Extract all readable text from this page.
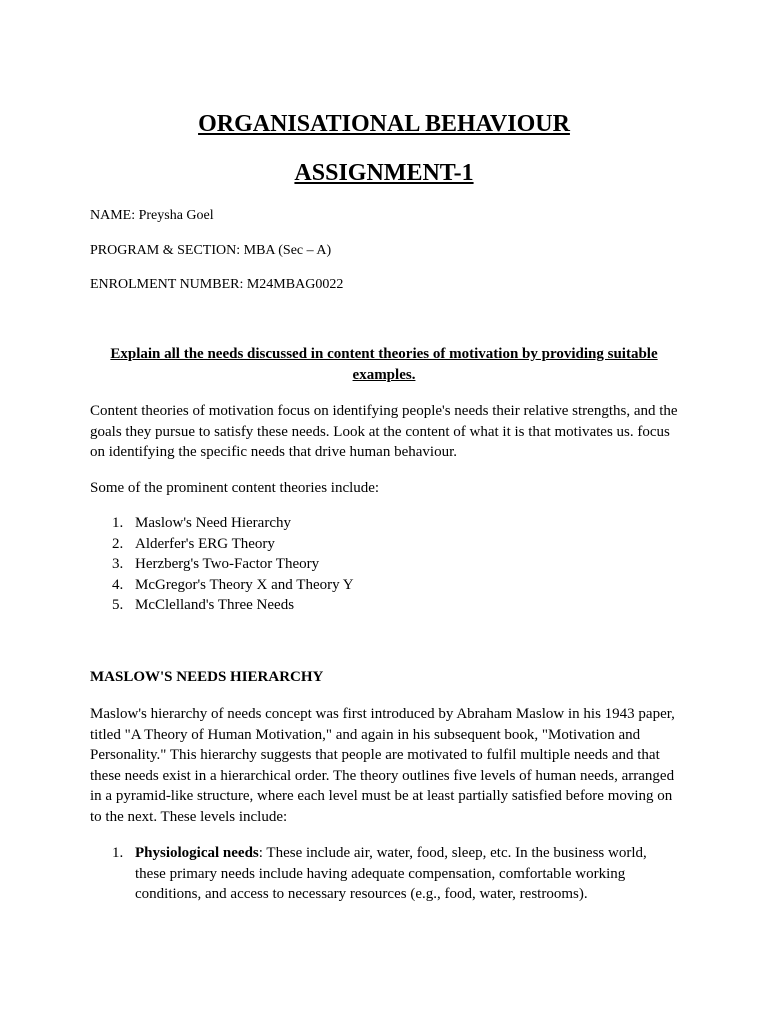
ORGANISATIONAL BEHAVIOUR
ASSIGNMENT-1
NAME: Preysha Goel
PROGRAM & SECTION: MBA (Sec – A)
ENROLMENT NUMBER: M24MBAG0022
Explain all the needs discussed in content theories of motivation by providing suitable examples.

Content theories of motivation focus on identifying people's needs their relative strengths, and the goals they pursue to satisfy these needs. Look at the content of what it is that motivates us. focus on identifying the specific needs that drive human behaviour.

Some of the prominent content theories include:

1. Maslow's Need Hierarchy
2. Alderfer's ERG Theory
3. Herzberg's Two-Factor Theory
4. McGregor's Theory X and Theory Y
5. McClelland's Three Needs
MASLOW'S NEEDS HIERARCHY

Maslow's hierarchy of needs concept was first introduced by Abraham Maslow in his 1943 paper, titled "A Theory of Human Motivation," and again in his subsequent book, "Motivation and Personality." This hierarchy suggests that people are motivated to fulfil multiple needs and that these needs exist in a hierarchical order. The theory outlines five levels of human needs, arranged in a pyramid-like structure, where each level must be at least partially satisfied before moving on to the next. These levels include:

1. Physiological needs: These include air, water, food, sleep, etc. In the business world, these primary needs include having adequate compensation, comfortable working conditions, and access to necessary resources (e.g., food, water, restrooms).
